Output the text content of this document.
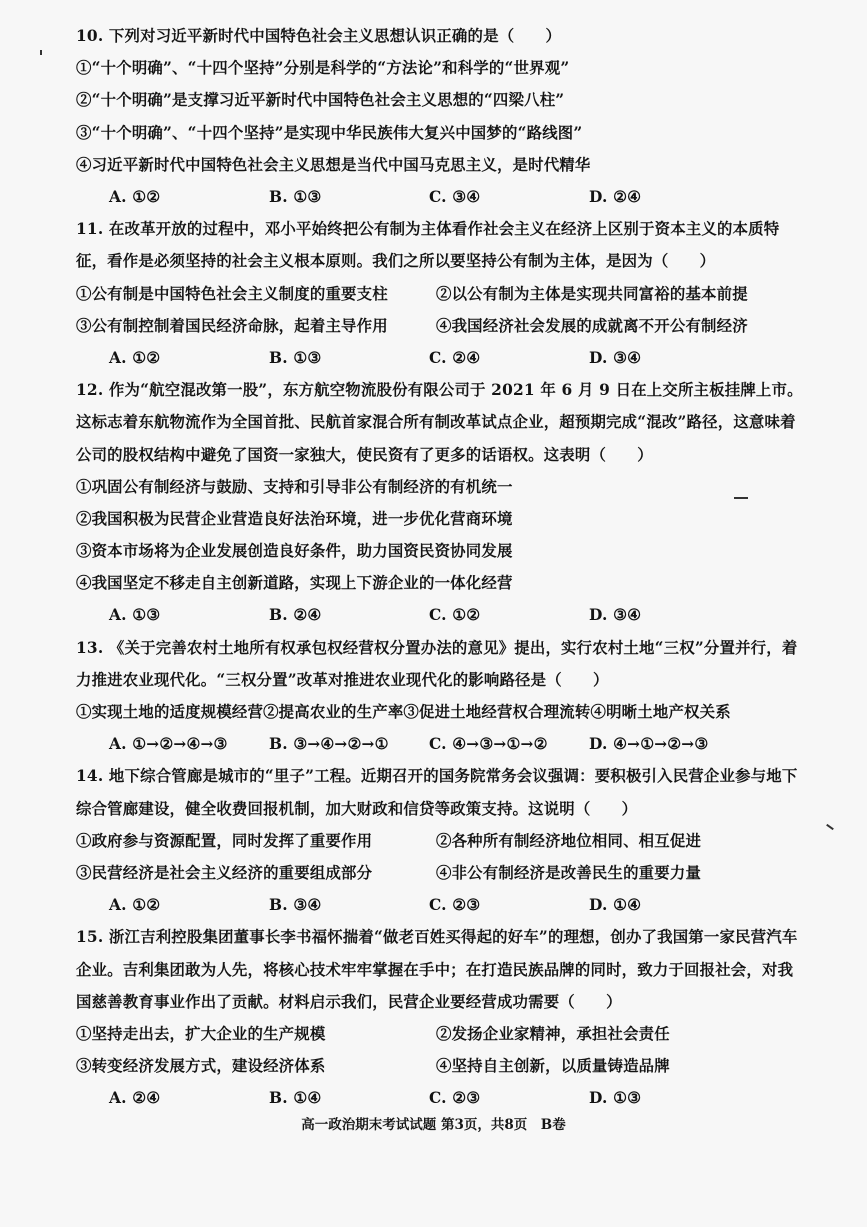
10. 下列对习近平新时代中国特色社会主义思想认识正确的是（　　）
①“十个明确”、“十四个坚持”分别是科学的“方法论”和科学的“世界观”
②“十个明确”是支撑习近平新时代中国特色社会主义思想的“四梁八柱”
③“十个明确”、“十四个坚持”是实现中华民族伟大复兴中国梦的“路线图”
④习近平新时代中国特色社会主义思想是当代中国马克思主义，是时代精华
A. ①②	B. ①③	C. ③④	D. ②④
11. 在改革开放的过程中，邓小平始终把公有制为主体看作社会主义在经济上区别于资本主义的本质特征，看作是必须坚持的社会主义根本原则。我们之所以要坚持公有制为主体，是因为（　　）
①公有制是中国特色社会主义制度的重要支柱	②以公有制为主体是实现共同富裕的基本前提
③公有制控制着国民经济命脉，起着主导作用	④我国经济社会发展的成就离不开公有制经济
A. ①②	B. ①③	C. ②④	D. ③④
12. 作为“航空混改第一股”，东方航空物流股份有限公司于 2021 年 6 月 9 日在上交所主板挂牌上市。这标志着东航物流作为全国首批、民航首家混合所有制改革试点企业，超预期完成“混改”路径，这意味着公司的股权结构中避免了国资一家独大，使民资有了更多的话语权。这表明（　　）
①巩固公有制经济与鼓励、支持和引导非公有制经济的有机统一
②我国积极为民营企业营造良好法治环境，进一步优化营商环境
③资本市场将为企业发展创造良好条件，助力国资民资协同发展
④我国坚定不移走自主创新道路，实现上下游企业的一体化经营
A. ①③	B. ②④	C. ①②	D. ③④
13. 《关于完善农村土地所有权承包权经营权分置办法的意见》提出，实行农村土地“三权”分置并行，着力推进农业现代化。“三权分置”改革对推进农业现代化的影响路径是（　　）
①实现土地的适度规模经营②提高农业的生产率③促进土地经营权合理流转④明晰土地产权关系
A. ①→②→④→③	B. ③→④→②→①	C. ④→③→①→②	D. ④→①→②→③
14. 地下综合管廊是城市的“里子”工程。近期召开的国务院常务会议强调：要积极引入民营企业参与地下综合管廊建设，健全收费回报机制，加大财政和信贷等政策支持。这说明（　　）
①政府参与资源配置，同时发挥了重要作用	②各种所有制经济地位相同、相互促进
③民营经济是社会主义经济的重要组成部分	④非公有制经济是改善民生的重要力量
A. ①②	B. ③④	C. ②③	D. ①④
15. 浙江吉利控股集团董事长李书福怀揣着“做老百姓买得起的好车”的理想，创办了我国第一家民营汽车企业。吉利集团敢为人先，将核心技术牢牢掌握在手中；在打造民族品牌的同时，致力于回报社会，对我国慈善教育事业作出了贡献。材料启示我们，民营企业要经营成功需要（　　）
①坚持走出去，扩大企业的生产规模	②发扬企业家精神，承担社会责任
③转变经济发展方式，建设经济体系	④坚持自主创新，以质量铸造品牌
A. ②④	B. ①④	C. ②③	D. ①③
高一政治期末考试试题 第3页，共8页　B卷
